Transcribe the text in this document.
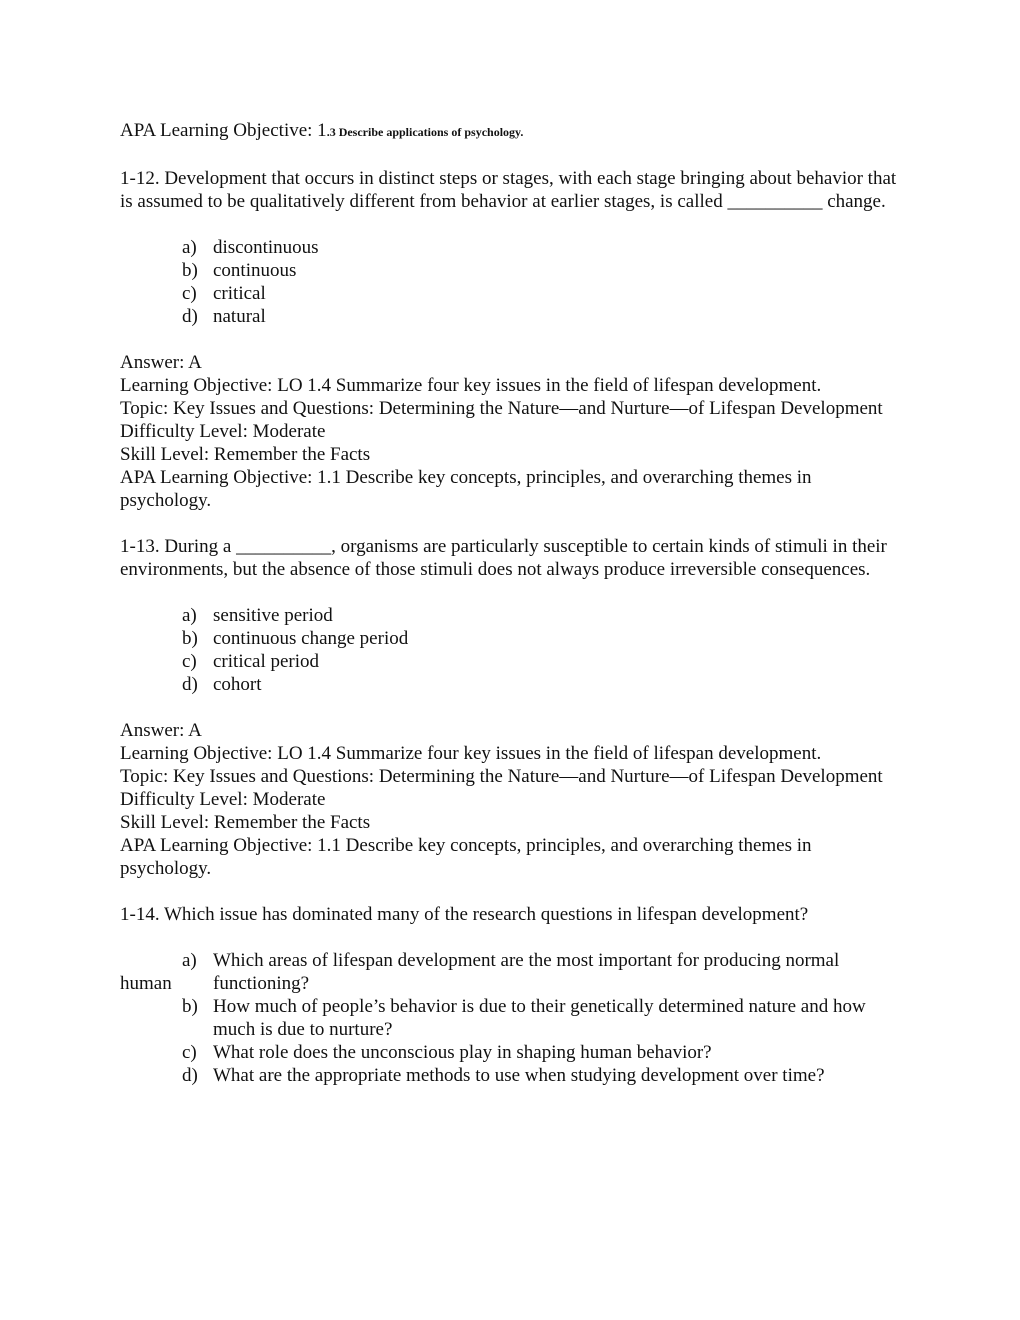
APA Learning Objective: 1.3 Describe applications of psychology.

1-12. Development that occurs in distinct steps or stages, with each stage bringing about behavior that is assumed to be qualitatively different from behavior at earlier stages, is called __________ change.

a) discontinuous
b) continuous
c) critical
d) natural

Answer: A

Learning Objective: LO 1.4 Summarize four key issues in the field of lifespan development.

Topic: Key Issues and Questions: Determining the Nature—and Nurture—of Lifespan Development

Difficulty Level: Moderate

Skill Level: Remember the Facts

APA Learning Objective: 1.1 Describe key concepts, principles, and overarching themes in psychology.

1-13. During a __________, organisms are particularly susceptible to certain kinds of stimuli in their environments, but the absence of those stimuli does not always produce irreversible consequences.

a) sensitive period
b) continuous change period
c) critical period
d) cohort

Answer: A

Learning Objective: LO 1.4 Summarize four key issues in the field of lifespan development.

Topic: Key Issues and Questions: Determining the Nature—and Nurture—of Lifespan Development

Difficulty Level: Moderate

Skill Level: Remember the Facts

APA Learning Objective: 1.1 Describe key concepts, principles, and overarching themes in psychology.

1-14. Which issue has dominated many of the research questions in lifespan development?

a)
human
Which areas of lifespan development are the most important for producing normal
functioning?
b) How much of people’s behavior is due to their genetically determined nature and how much is due to nurture?
c) What role does the unconscious play in shaping human behavior?
d) What are the appropriate methods to use when studying development over time?
